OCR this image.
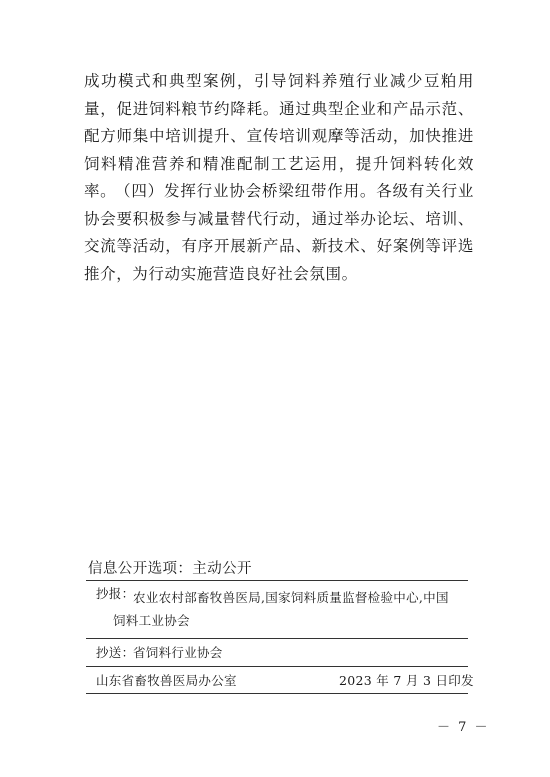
成功模式和典型案例，引导饲料养殖行业减少豆粕用量，促进饲料粮节约降耗。通过典型企业和产品示范、配方师集中培训提升、宣传培训观摩等活动，加快推进饲料精准营养和精准配制工艺运用，提升饲料转化效率。

（四）发挥行业协会桥梁纽带作用。各级有关行业协会要积极参与减量替代行动，通过举办论坛、培训、交流等活动，有序开展新产品、新技术、好案例等评选推介，为行动实施营造良好社会氛围。

信息公开选项：主动公开

抄报：
农业农村部畜牧兽医局,国家饲料质量监督检验中心,中国
饲料工业协会
抄送：
省饲料行业协会
山东省畜牧兽医局办公室	2023 年 7 月 3 日印发

－ 7 －
